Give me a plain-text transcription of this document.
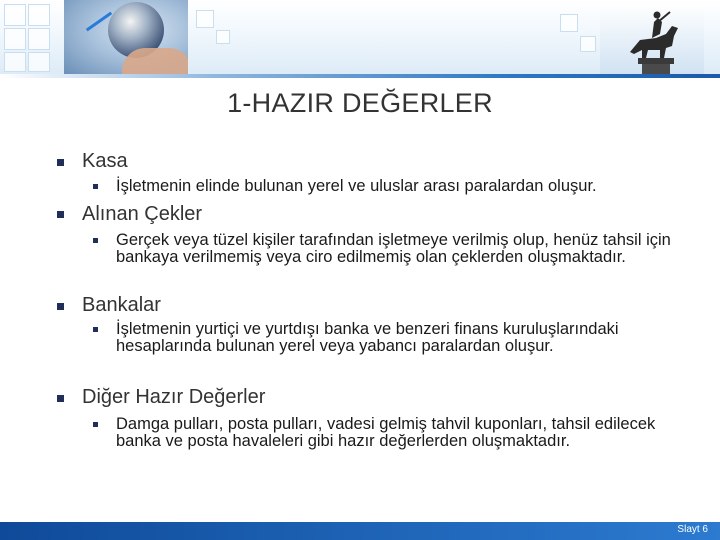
1-HAZIR DEĞERLER
Kasa
İşletmenin elinde bulunan yerel ve uluslar arası paralardan oluşur.
Alınan Çekler
Gerçek veya tüzel kişiler tarafından işletmeye verilmiş olup, henüz tahsil için bankaya verilmemiş veya ciro edilmemiş olan çeklerden oluşmaktadır.
Bankalar
İşletmenin yurtiçi ve yurtdışı banka ve benzeri finans kuruluşlarındaki hesaplarında bulunan yerel veya yabancı paralardan oluşur.
Diğer Hazır Değerler
Damga pulları, posta pulları, vadesi gelmiş tahvil kuponları, tahsil edilecek banka ve posta havaleleri gibi hazır değerlerden oluşmaktadır.
Slayt 6
